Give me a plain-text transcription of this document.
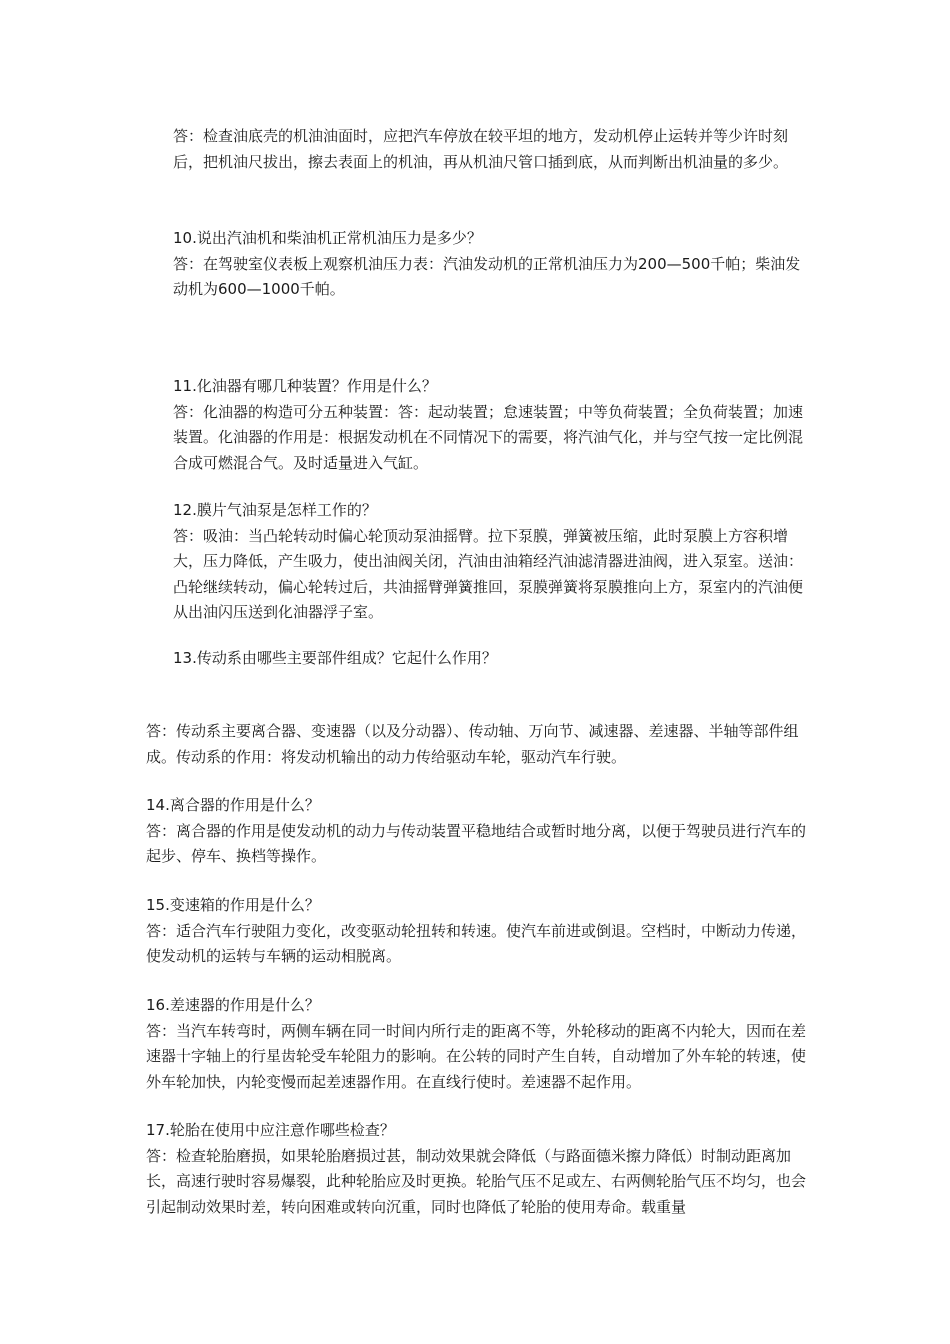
答：检查油底壳的机油油面时，应把汽车停放在较平坦的地方，发动机停止运转并等少许时刻后，把机油尺拔出，擦去表面上的机油，再从机油尺管口插到底，从而判断出机油量的多少。

10.说出汽油机和柴油机正常机油压力是多少？

答：在驾驶室仪表板上观察机油压力表：汽油发动机的正常机油压力为200—500千帕；柴油发动机为600—1000千帕。

11.化油器有哪几种装置？作用是什么？

答：化油器的构造可分五种装置：答：起动装置；怠速装置；中等负荷装置；全负荷装置；加速装置。化油器的作用是：根据发动机在不同情况下的需要，将汽油气化，并与空气按一定比例混合成可燃混合气。及时适量进入气缸。

12.膜片气油泵是怎样工作的？

答：吸油：当凸轮转动时偏心轮顶动泵油摇臂。拉下泵膜，弹簧被压缩，此时泵膜上方容积增大，压力降低，产生吸力，使出油阀关闭，汽油由油箱经汽油滤清器进油阀，进入泵室。送油：凸轮继续转动，偏心轮转过后，共油摇臂弹簧推回，泵膜弹簧将泵膜推向上方，泵室内的汽油便从出油闪压送到化油器浮子室。

13.传动系由哪些主要部件组成？它起什么作用？

答：传动系主要离合器、变速器（以及分动器）、传动轴、万向节、减速器、差速器、半轴等部件组成。传动系的作用：将发动机输出的动力传给驱动车轮，驱动汽车行驶。

14.离合器的作用是什么？

答：离合器的作用是使发动机的动力与传动装置平稳地结合或暂时地分离，以便于驾驶员进行汽车的起步、停车、换档等操作。

15.变速箱的作用是什么？

答：适合汽车行驶阻力变化，改变驱动轮扭转和转速。使汽车前进或倒退。空档时，中断动力传递，使发动机的运转与车辆的运动相脱离。

16.差速器的作用是什么？

答：当汽车转弯时，两侧车辆在同一时间内所行走的距离不等，外轮移动的距离不内轮大，因而在差速器十字轴上的行星齿轮受车轮阻力的影响。在公转的同时产生自转，自动增加了外车轮的转速，使外车轮加快，内轮变慢而起差速器作用。在直线行使时。差速器不起作用。

17.轮胎在使用中应注意作哪些检查？

答：检查轮胎磨损，如果轮胎磨损过甚，制动效果就会降低（与路面德米擦力降低）时制动距离加长，高速行驶时容易爆裂，此种轮胎应及时更换。轮胎气压不足或左、右两侧轮胎气压不均匀，也会引起制动效果时差，转向困难或转向沉重，同时也降低了轮胎的使用寿命。载重量
